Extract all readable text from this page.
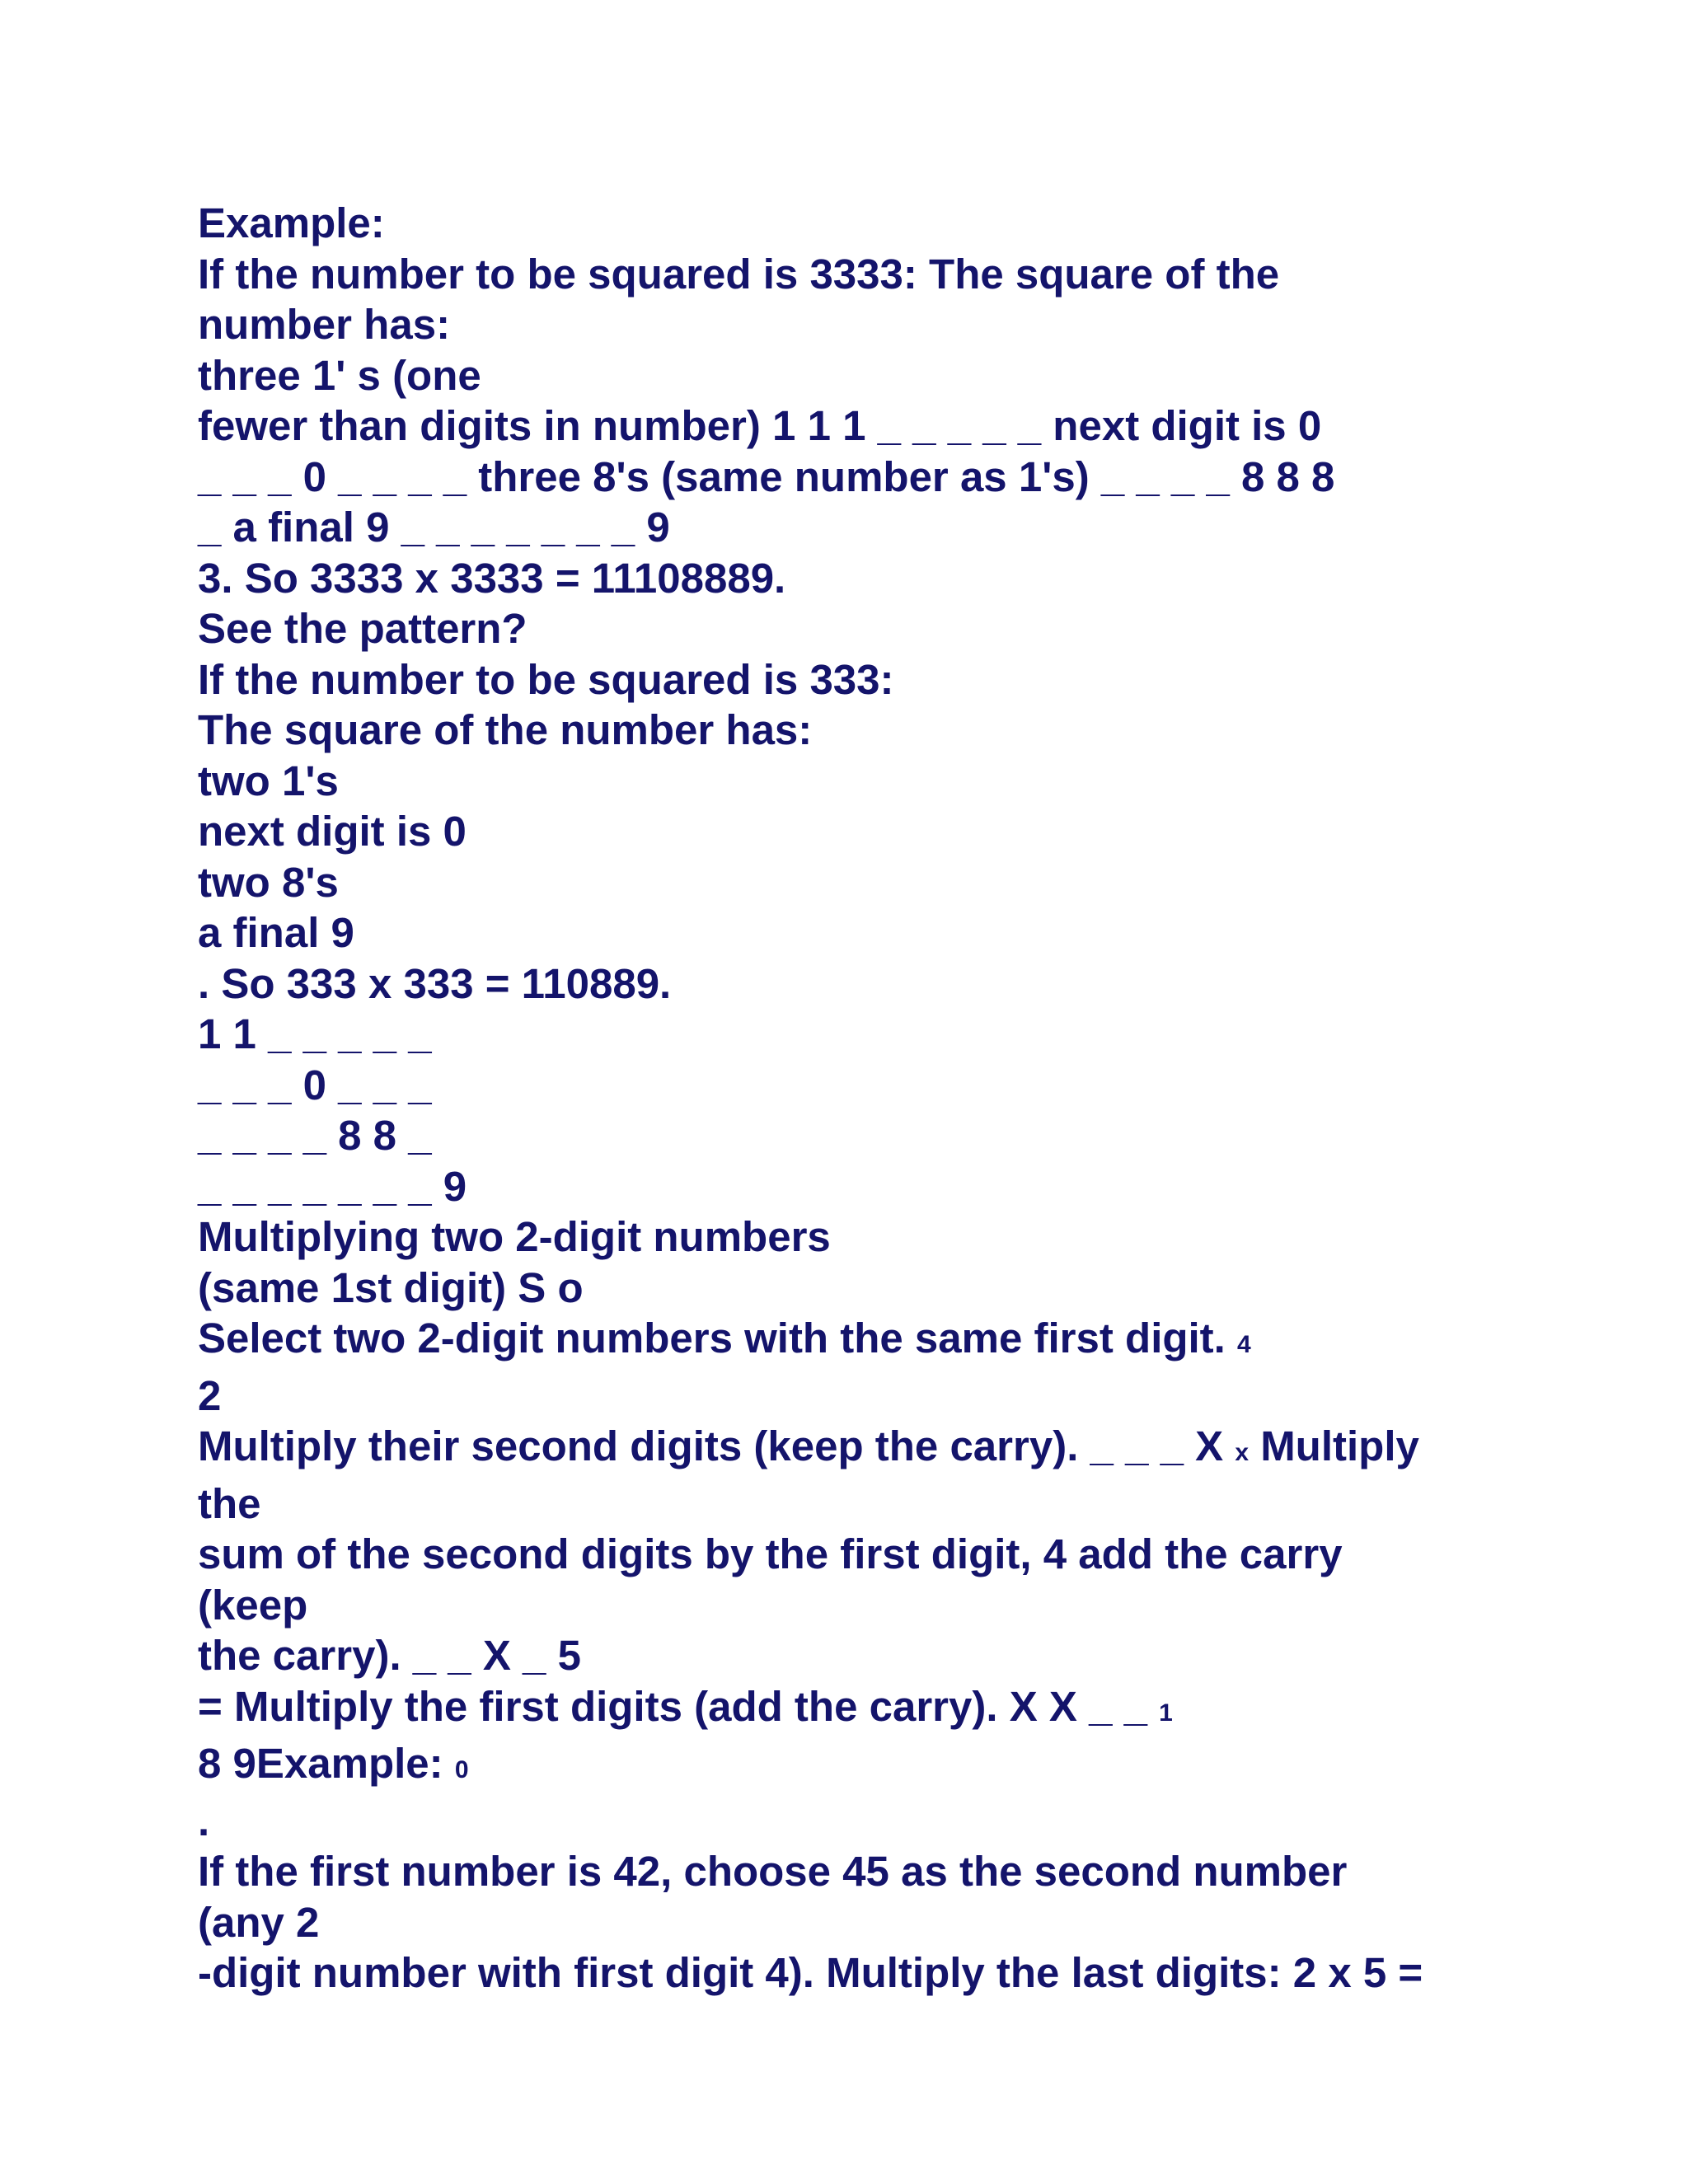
Example:
If the number to be squared is 3333: The square of the
number has:
three 1' s (one
fewer than digits in number) 1 1 1 _ _ _ _ _ next digit is 0
_ _ _ 0 _ _ _ _ three 8's (same number as 1's) _ _ _ _ 8 8 8
_ a final 9 _ _ _ _ _ _ _ 9
3. So 3333 x 3333 = 11108889.
See the pattern?
If the number to be squared is 333:
The square of the number has:
two 1's
next digit is 0
two 8's
a final 9
. So 333 x 333 = 110889.
1 1 _ _ _ _ _
_ _ _ 0 _ _ _
_ _ _ _ 8 8 _
_ _ _ _ _ _ _ 9
Multiplying two 2-digit numbers
(same 1st digit) S o
Select two 2-digit numbers with the same first digit. 4
2
Multiply their second digits (keep the carry). _ _ _ X x Multiply
the
sum of the second digits by the first digit, 4 add the carry
(keep
the carry). _ _ X _ 5
= Multiply the first digits (add the carry). X X _ _ 1
8 9Example: 0
.
If the first number is 42, choose 45 as the second number
(any 2
-digit number with first digit 4). Multiply the last digits: 2 x 5 =
